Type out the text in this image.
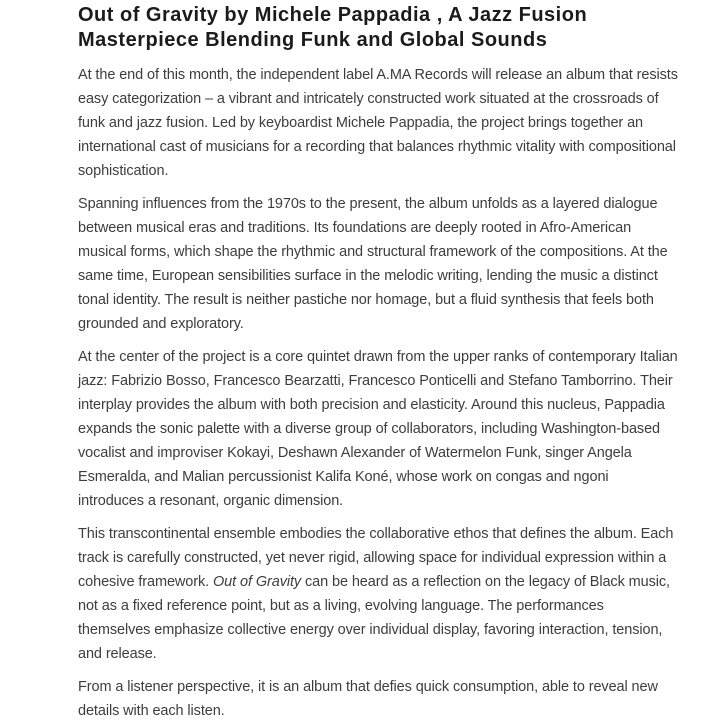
Out of Gravity by Michele Pappadia , A Jazz Fusion Masterpiece Blending Funk and Global Sounds

At the end of this month, the independent label A.MA Records will release an album that resists easy categorization – a vibrant and intricately constructed work situated at the crossroads of funk and jazz fusion. Led by keyboardist Michele Pappadia, the project brings together an international cast of musicians for a recording that balances rhythmic vitality with compositional sophistication.

Spanning influences from the 1970s to the present, the album unfolds as a layered dialogue between musical eras and traditions. Its foundations are deeply rooted in Afro-American musical forms, which shape the rhythmic and structural framework of the compositions. At the same time, European sensibilities surface in the melodic writing, lending the music a distinct tonal identity. The result is neither pastiche nor homage, but a fluid synthesis that feels both grounded and exploratory.

At the center of the project is a core quintet drawn from the upper ranks of contemporary Italian jazz: Fabrizio Bosso, Francesco Bearzatti, Francesco Ponticelli and Stefano Tamborrino. Their interplay provides the album with both precision and elasticity. Around this nucleus, Pappadia expands the sonic palette with a diverse group of collaborators, including Washington-based vocalist and improviser Kokayi, Deshawn Alexander of Watermelon Funk, singer Angela Esmeralda, and Malian percussionist Kalifa Koné, whose work on congas and ngoni introduces a resonant, organic dimension.

This transcontinental ensemble embodies the collaborative ethos that defines the album. Each track is carefully constructed, yet never rigid, allowing space for individual expression within a cohesive framework. Out of Gravity can be heard as a reflection on the legacy of Black music, not as a fixed reference point, but as a living, evolving language. The performances themselves emphasize collective energy over individual display, favoring interaction, tension, and release.

From a listener perspective, it is an album that defies quick consumption, able to reveal new details with each listen.
